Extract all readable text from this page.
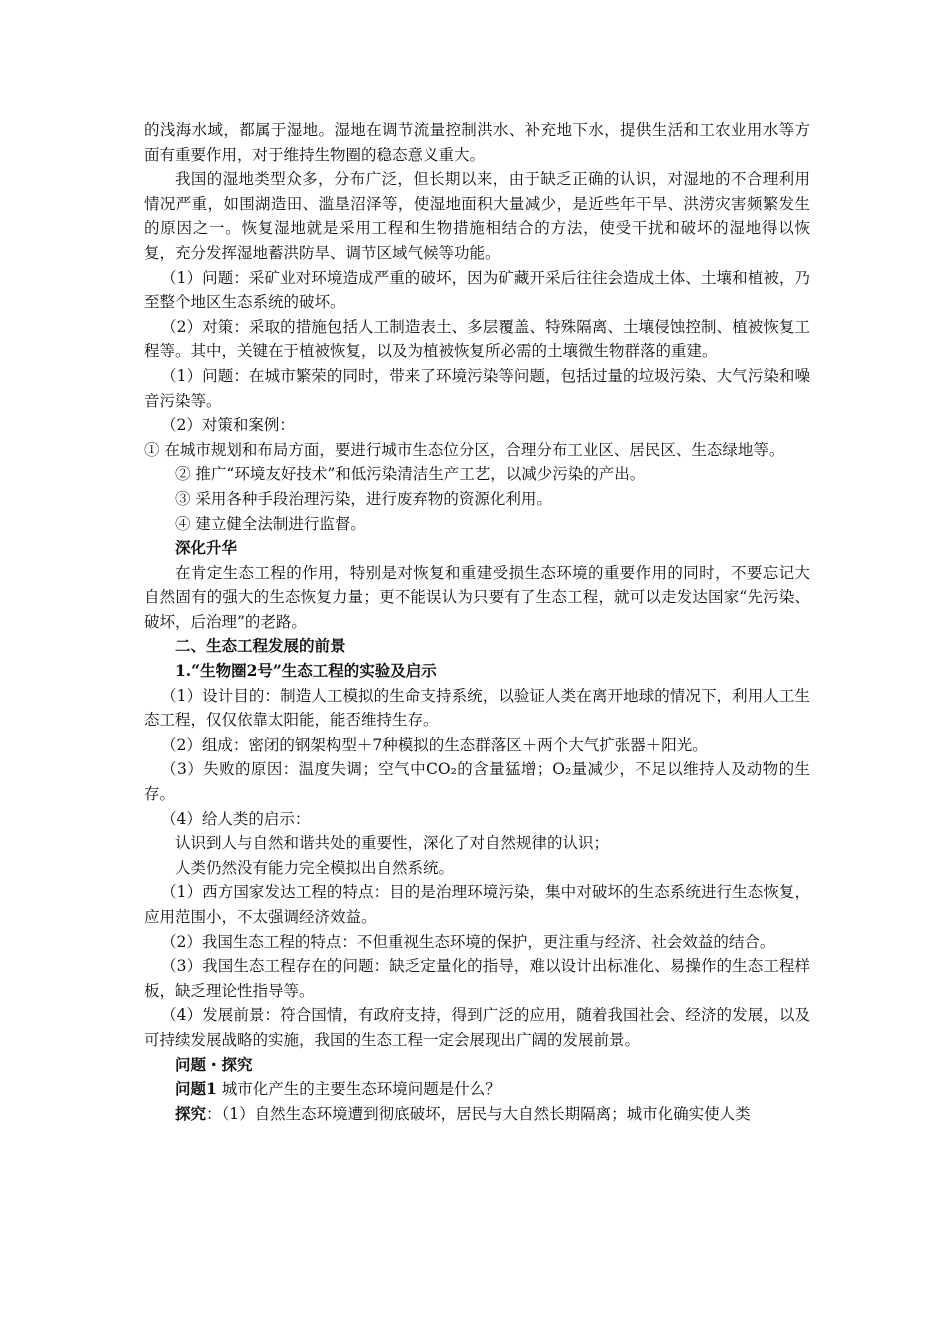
的浅海水域，都属于湿地。湿地在调节流量控制洪水、补充地下水，提供生活和工农业用水等方面有重要作用，对于维持生物圈的稳态意义重大。

我国的湿地类型众多，分布广泛，但长期以来，由于缺乏正确的认识，对湿地的不合理利用情况严重，如围湖造田、滥垦沼泽等，使湿地面积大量减少，是近些年干旱、洪涝灾害频繁发生的原因之一。恢复湿地就是采用工程和生物措施相结合的方法，使受干扰和破坏的湿地得以恢复，充分发挥湿地蓄洪防旱、调节区域气候等功能。

（1）问题：采矿业对环境造成严重的破坏，因为矿藏开采后往往会造成土体、土壤和植被，乃至整个地区生态系统的破坏。

（2）对策：采取的措施包括人工制造表土、多层覆盖、特殊隔离、土壤侵蚀控制、植被恢复工程等。其中，关键在于植被恢复，以及为植被恢复所必需的土壤微生物群落的重建。

（1）问题：在城市繁荣的同时，带来了环境污染等问题，包括过量的垃圾污染、大气污染和噪音污染等。

（2）对策和案例：

① 在城市规划和布局方面，要进行城市生态位分区，合理分布工业区、居民区、生态绿地等。

② 推广“环境友好技术”和低污染清洁生产工艺，以减少污染的产出。

③ 采用各种手段治理污染，进行废弃物的资源化利用。

④ 建立健全法制进行监督。

深化升华

在肯定生态工程的作用，特别是对恢复和重建受损生态环境的重要作用的同时，不要忘记大自然固有的强大的生态恢复力量；更不能误认为只要有了生态工程，就可以走发达国家“先污染、破坏，后治理”的老路。

二、生态工程发展的前景

1.“生物圈2号”生态工程的实验及启示

（1）设计目的：制造人工模拟的生命支持系统，以验证人类在离开地球的情况下，利用人工生态工程，仅仅依靠太阳能，能否维持生存。

（2）组成：密闭的钢架构型＋7种模拟的生态群落区＋两个大气扩张器＋阳光。

（3）失败的原因：温度失调；空气中CO₂的含量猛增；O₂量减少，不足以维持人及动物的生存。

（4）给人类的启示：

认识到人与自然和谐共处的重要性，深化了对自然规律的认识；

人类仍然没有能力完全模拟出自然系统。

（1）西方国家发达工程的特点：目的是治理环境污染，集中对破坏的生态系统进行生态恢复，应用范围小，不太强调经济效益。

（2）我国生态工程的特点：不但重视生态环境的保护，更注重与经济、社会效益的结合。

（3）我国生态工程存在的问题：缺乏定量化的指导，难以设计出标准化、易操作的生态工程样板，缺乏理论性指导等。

（4）发展前景：符合国情，有政府支持，得到广泛的应用，随着我国社会、经济的发展，以及可持续发展战略的实施，我国的生态工程一定会展现出广阔的发展前景。

问题・探究

问题1 城市化产生的主要生态环境问题是什么？

探究：（1）自然生态环境遭到彻底破坏，居民与大自然长期隔离；城市化确实使人类
